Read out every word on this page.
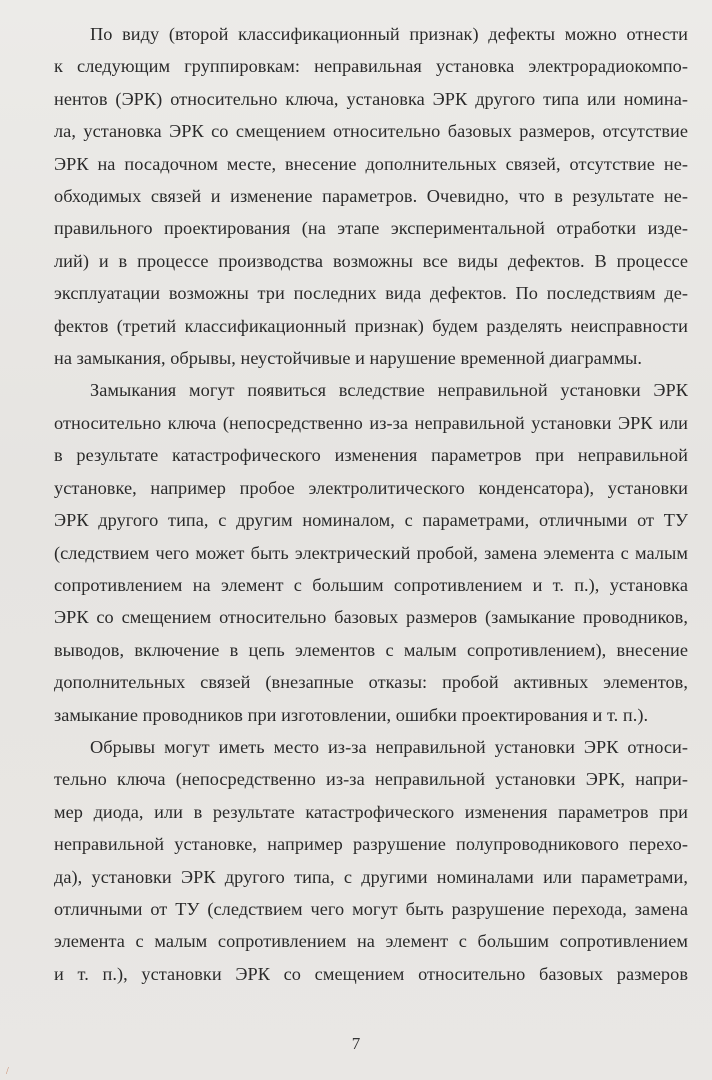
По виду (второй классификационный признак) дефекты можно отнести
к следующим группировкам: неправильная установка электрорадиокомпо-
нентов (ЭРК) относительно ключа, установка ЭРК другого типа или номина-
ла, установка ЭРК со смещением относительно базовых размеров, отсутствие
ЭРК на посадочном месте, внесение дополнительных связей, отсутствие не-
обходимых связей и изменение параметров. Очевидно, что в результате не-
правильного проектирования (на этапе экспериментальной отработки изде-
лий) и в процессе производства возможны все виды дефектов. В процессе
эксплуатации возможны три последних вида дефектов. По последствиям де-
фектов (третий классификационный признак) будем разделять неисправности
на замыкания, обрывы, неустойчивые и нарушение временной диаграммы.

Замыкания могут появиться вследствие неправильной установки ЭРК
относительно ключа (непосредственно из-за неправильной установки ЭРК или
в результате катастрофического изменения параметров при неправильной
установке, например пробое электролитического конденсатора), установки
ЭРК другого типа, с другим номиналом, с параметрами, отличными от ТУ
(следствием чего может быть электрический пробой, замена элемента с малым
сопротивлением на элемент с большим сопротивлением и т. п.), установка
ЭРК со смещением относительно базовых размеров (замыкание проводников,
выводов, включение в цепь элементов с малым сопротивлением), внесение
дополнительных связей (внезапные отказы: пробой активных элементов,
замыкание проводников при изготовлении, ошибки проектирования и т. п.).

Обрывы могут иметь место из-за неправильной установки ЭРК относи-
тельно ключа (непосредственно из-за неправильной установки ЭРК, напри-
мер диода, или в результате катастрофического изменения параметров при
неправильной установке, например разрушение полупроводникового перехо-
да), установки ЭРК другого типа, с другими номиналами или параметрами,
отличными от ТУ (следствием чего могут быть разрушение перехода, замена
элемента с малым сопротивлением на элемент с большим сопротивлением
и т. п.), установки ЭРК со смещением относительно базовых размеров

7
/
